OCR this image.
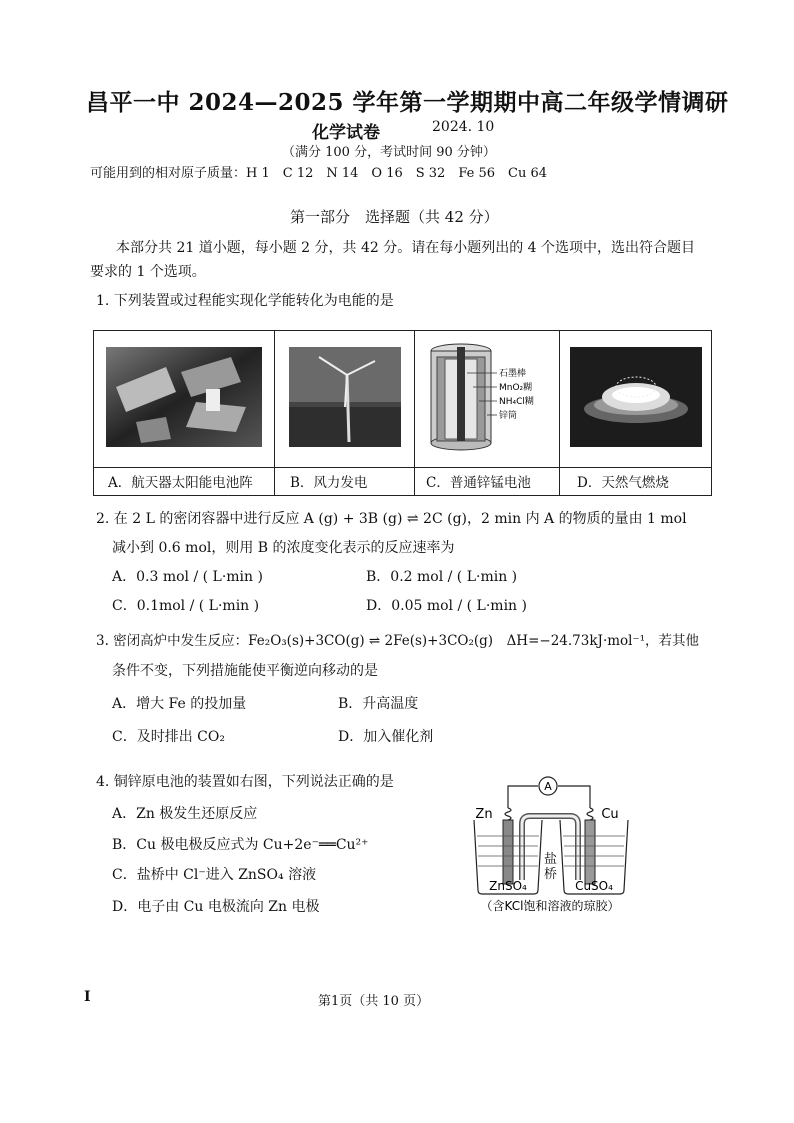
昌平一中 2024—2025 学年第一学期期中高二年级学情调研
化学试卷	2024. 10
（满分 100 分，考试时间 90 分钟）
可能用到的相对原子质量：H 1　C 12　N 14　O 16　S 32　Fe 56　Cu 64
第一部分　选择题（共 42 分）
本部分共 21 道小题，每小题 2 分，共 42 分。请在每小题列出的 4 个选项中，选出符合题目
要求的 1 个选项。
1. 下列装置或过程能实现化学能转化为电能的是
石墨棒
MnO₂糊
NH₄Cl糊
锌筒
A．航天器太阳能电池阵	B．风力发电	C．普通锌锰电池	D．天然气燃烧
2. 在 2 L 的密闭容器中进行反应 A (g) + 3B (g) ⇌ 2C (g)，2 min 内 A 的物质的量由 1 mol
减小到 0.6 mol，则用 B 的浓度变化表示的反应速率为
A．0.3 mol / ( L·min )	B．0.2 mol / ( L·min )
C．0.1mol / ( L·min )	D．0.05 mol / ( L·min )
3. 密闭高炉中发生反应：Fe₂O₃(s)+3CO(g) ⇌ 2Fe(s)+3CO₂(g)　ΔH=−24.73kJ·mol⁻¹，若其他
条件不变，下列措施能使平衡逆向移动的是
A．增大 Fe 的投加量	B．升高温度
C．及时排出 CO₂	D．加入催化剂
4. 铜锌原电池的装置如右图，下列说法正确的是
A．Zn 极发生还原反应
B．Cu 极电极反应式为 Cu+2e⁻══Cu²⁺
C．盐桥中 Cl⁻进入 ZnSO₄ 溶液
D．电子由 Cu 电极流向 Zn 电极
A
Zn	Cu
ZnSO₄	CuSO₄
（含KCl饱和溶液的琼胶）
盐桥
I	第1页（共 10 页）
